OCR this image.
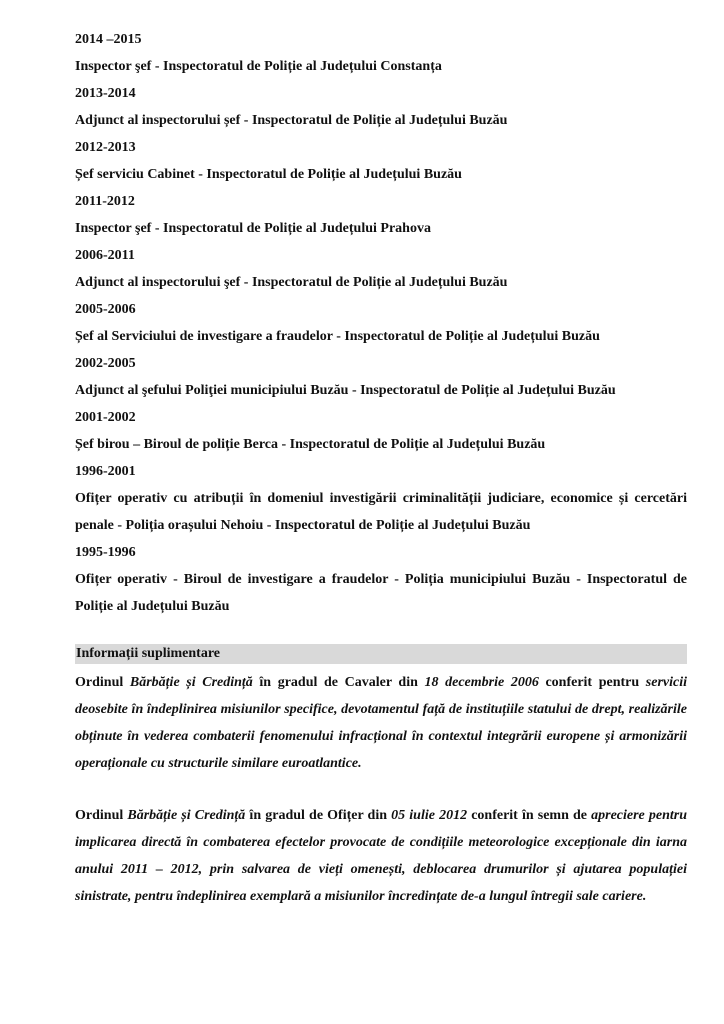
2014 –2015

Inspector şef - Inspectoratul de Poliție al Județului Constanța

2013-2014

Adjunct al inspectorului șef - Inspectoratul de Poliție al Județului Buzău

2012-2013

Șef serviciu Cabinet - Inspectoratul de Poliție al Județului Buzău

2011-2012

Inspector şef - Inspectoratul de Poliție al Județului Prahova

2006-2011

Adjunct al inspectorului şef - Inspectoratul de Poliție al Județului Buzău

2005-2006

Șef al Serviciului de investigare a fraudelor - Inspectoratul de Poliție al Județului Buzău

2002-2005

Adjunct al şefului Poliţiei municipiului Buzău - Inspectoratul de Poliție al Județului Buzău

2001-2002

Șef birou – Biroul de poliție Berca - Inspectoratul de Poliție al Județului Buzău

1996-2001

Ofițer operativ cu atribuții în domeniul investigării criminalității judiciare, economice și cercetări penale - Poliția orașului Nehoiu - Inspectoratul de Poliție al Județului Buzău

1995-1996

Ofițer operativ - Biroul de investigare a fraudelor - Poliția municipiului Buzău - Inspectoratul de Poliție al Județului Buzău

Informații suplimentare

Ordinul Bărbăție și Credință în gradul de Cavaler din 18 decembrie 2006 conferit pentru servicii deosebite în îndeplinirea misiunilor specifice, devotamentul față de instituțiile statului de drept, realizările obținute în vederea combaterii fenomenului infracțional în contextul integrării europene și armonizării operaționale cu structurile similare euroatlantice.

Ordinul Bărbăție și Credință în gradul de Ofițer din 05 iulie 2012 conferit în semn de apreciere pentru implicarea directă în combaterea efectelor provocate de condițiile meteorologice excepționale din iarna anului 2011 – 2012, prin salvarea de vieți omenești, deblocarea drumurilor și ajutarea populației sinistrate, pentru îndeplinirea exemplară a misiunilor încredințate de-a lungul întregii sale cariere.
